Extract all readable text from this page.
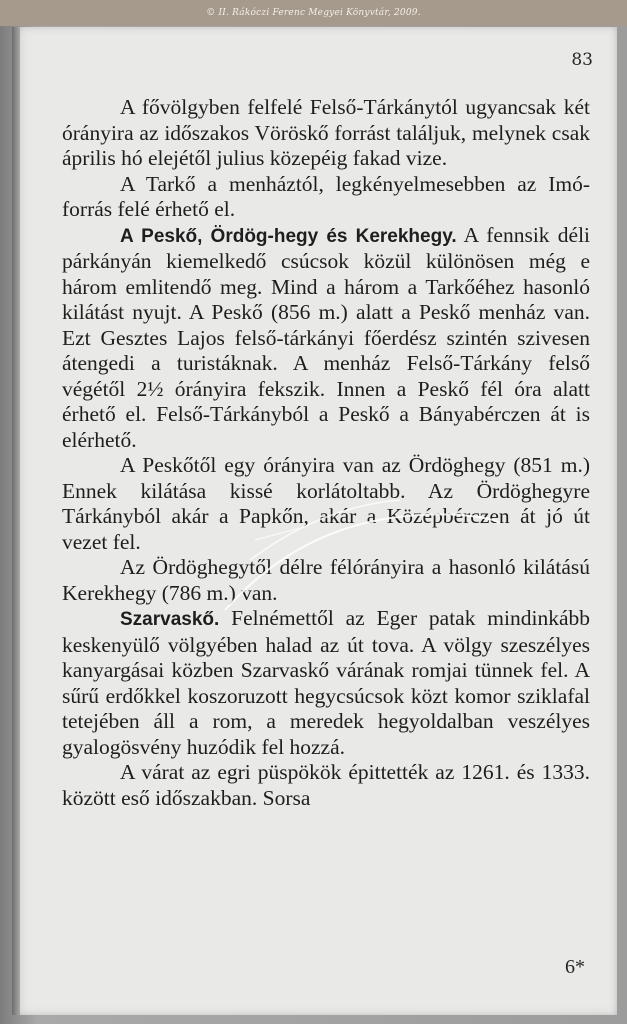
© II. Rákóczi Ferenc Megyei Könyvtár, 2009.
83

A fővölgyben felfelé Felső-Tárkánytól ugyancsak két órányira az időszakos Vöröskő forrást találjuk, melynek csak április hó elejétől julius közepéig fakad vize.

A Tarkő a menháztól, legkényelmesebben az Imó-forrás felé érhető el.

A Peskő, Ördög-hegy és Kerekhegy. A fennsik déli párkányán kiemelkedő csúcsok közül különösen még e három emlitendő meg. Mind a három a Tarkőéhez hasonló kilátást nyujt. A Peskő (856 m.) alatt a Peskő menház van. Ezt Gesztes Lajos felső-tárkányi főerdész szintén szivesen átengedi a turistáknak. A menház Felső-Tárkány felső végétől 2½ órányira fekszik. Innen a Peskő fél óra alatt érhető el. Felső-Tárkányból a Peskő a Bányabérczen át is elérhető.

A Peskőtől egy órányira van az Ördöghegy (851 m.) Ennek kilátása kissé korlátoltabb. Az Ördöghegyre Tárkányból akár a Papkőn, akár a Középbérczen át jó út vezet fel.

Az Ördöghegytől délre félórányira a hasonló kilátású Kerekhegy (786 m.) van.

Szarvaskő. Felnémettől az Eger patak mindinkább keskenyülő völgyében halad az út tova. A völgy szeszélyes kanyargásai közben Szarvaskő várának romjai tünnek fel. A sűrű erdőkkel koszoruzott hegycsúcsok közt komor sziklafal tetejében áll a rom, a meredek hegyoldalban veszélyes gyalogösvény huzódik fel hozzá.

A várat az egri püspökök épittették az 1261. és 1333. között eső időszakban. Sorsa

6*
